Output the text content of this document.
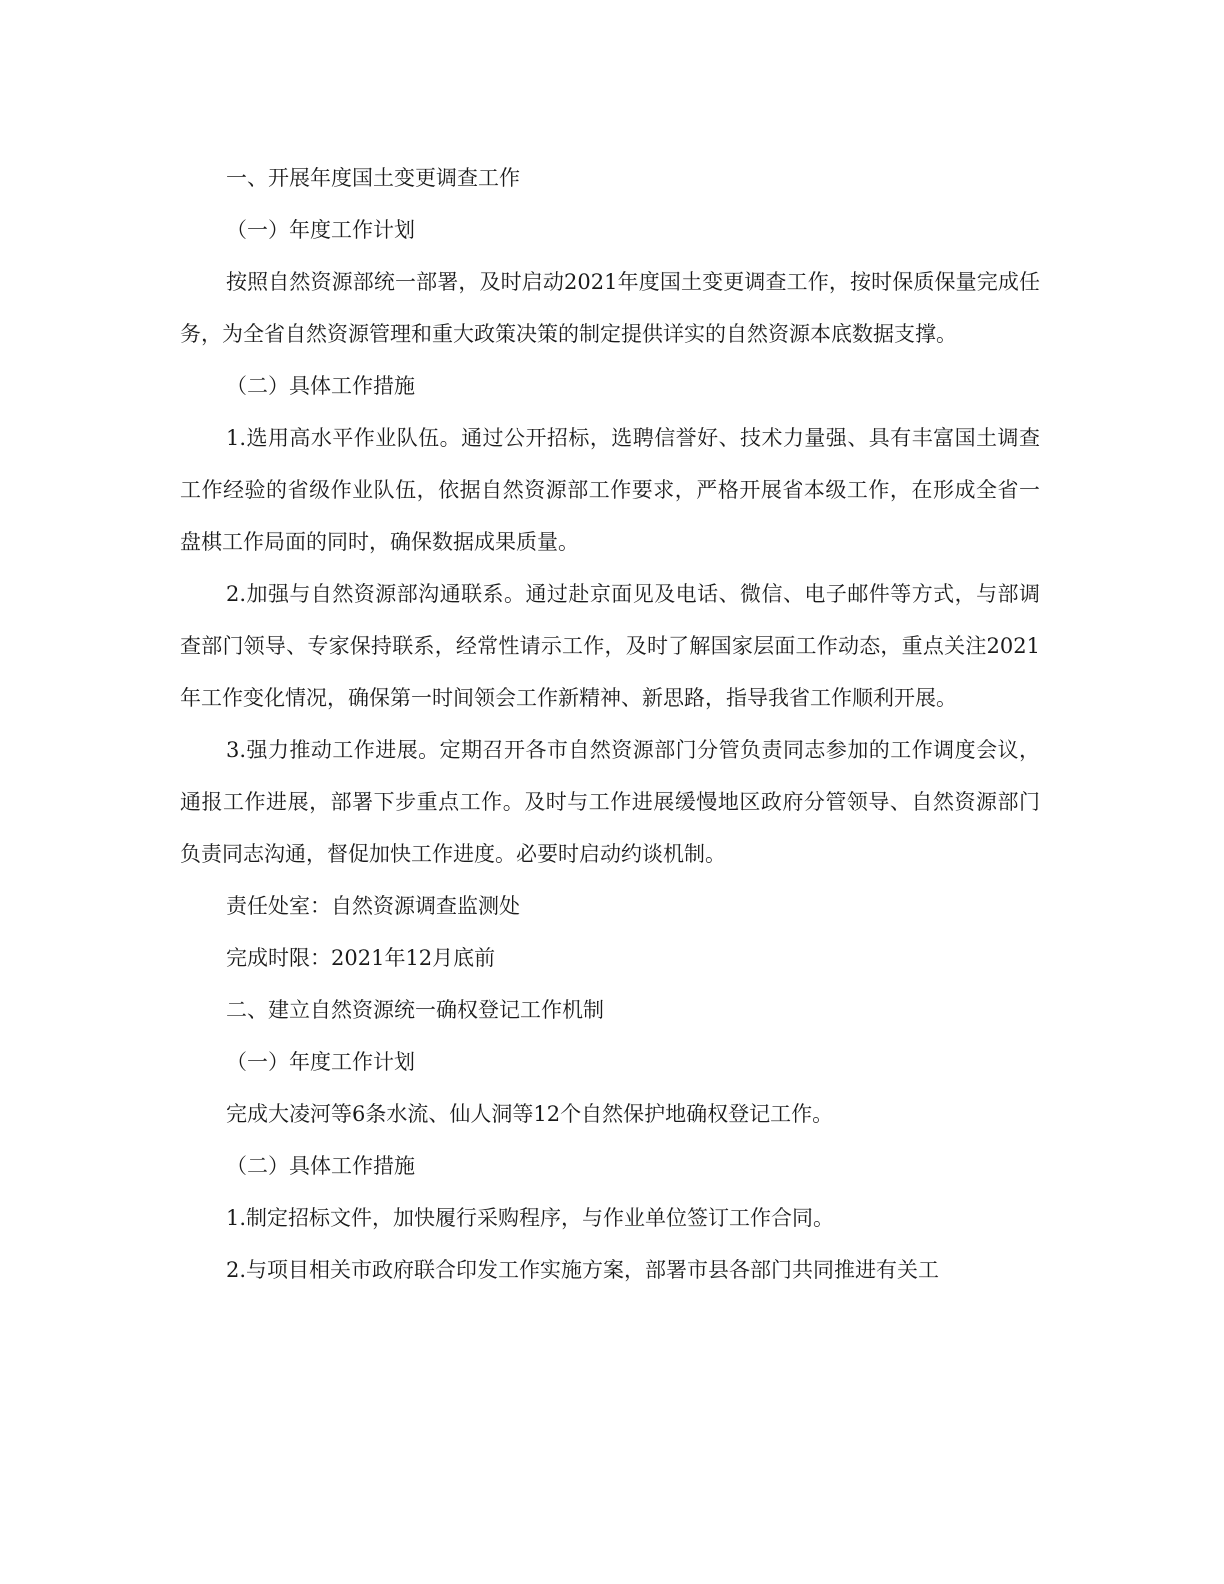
一、开展年度国土变更调查工作

（一）年度工作计划

按照自然资源部统一部署，及时启动2021年度国土变更调查工作，按时保质保量完成任务，为全省自然资源管理和重大政策决策的制定提供详实的自然资源本底数据支撑。

（二）具体工作措施

1.选用高水平作业队伍。通过公开招标，选聘信誉好、技术力量强、具有丰富国土调查工作经验的省级作业队伍，依据自然资源部工作要求，严格开展省本级工作，在形成全省一盘棋工作局面的同时，确保数据成果质量。

2.加强与自然资源部沟通联系。通过赴京面见及电话、微信、电子邮件等方式，与部调查部门领导、专家保持联系，经常性请示工作，及时了解国家层面工作动态，重点关注2021年工作变化情况，确保第一时间领会工作新精神、新思路，指导我省工作顺利开展。

3.强力推动工作进展。定期召开各市自然资源部门分管负责同志参加的工作调度会议，通报工作进展，部署下步重点工作。及时与工作进展缓慢地区政府分管领导、自然资源部门负责同志沟通，督促加快工作进度。必要时启动约谈机制。

责任处室：自然资源调查监测处

完成时限：2021年12月底前

二、建立自然资源统一确权登记工作机制

（一）年度工作计划

完成大凌河等6条水流、仙人洞等12个自然保护地确权登记工作。

（二）具体工作措施

1.制定招标文件，加快履行采购程序，与作业单位签订工作合同。

2.与项目相关市政府联合印发工作实施方案，部署市县各部门共同推进有关工
